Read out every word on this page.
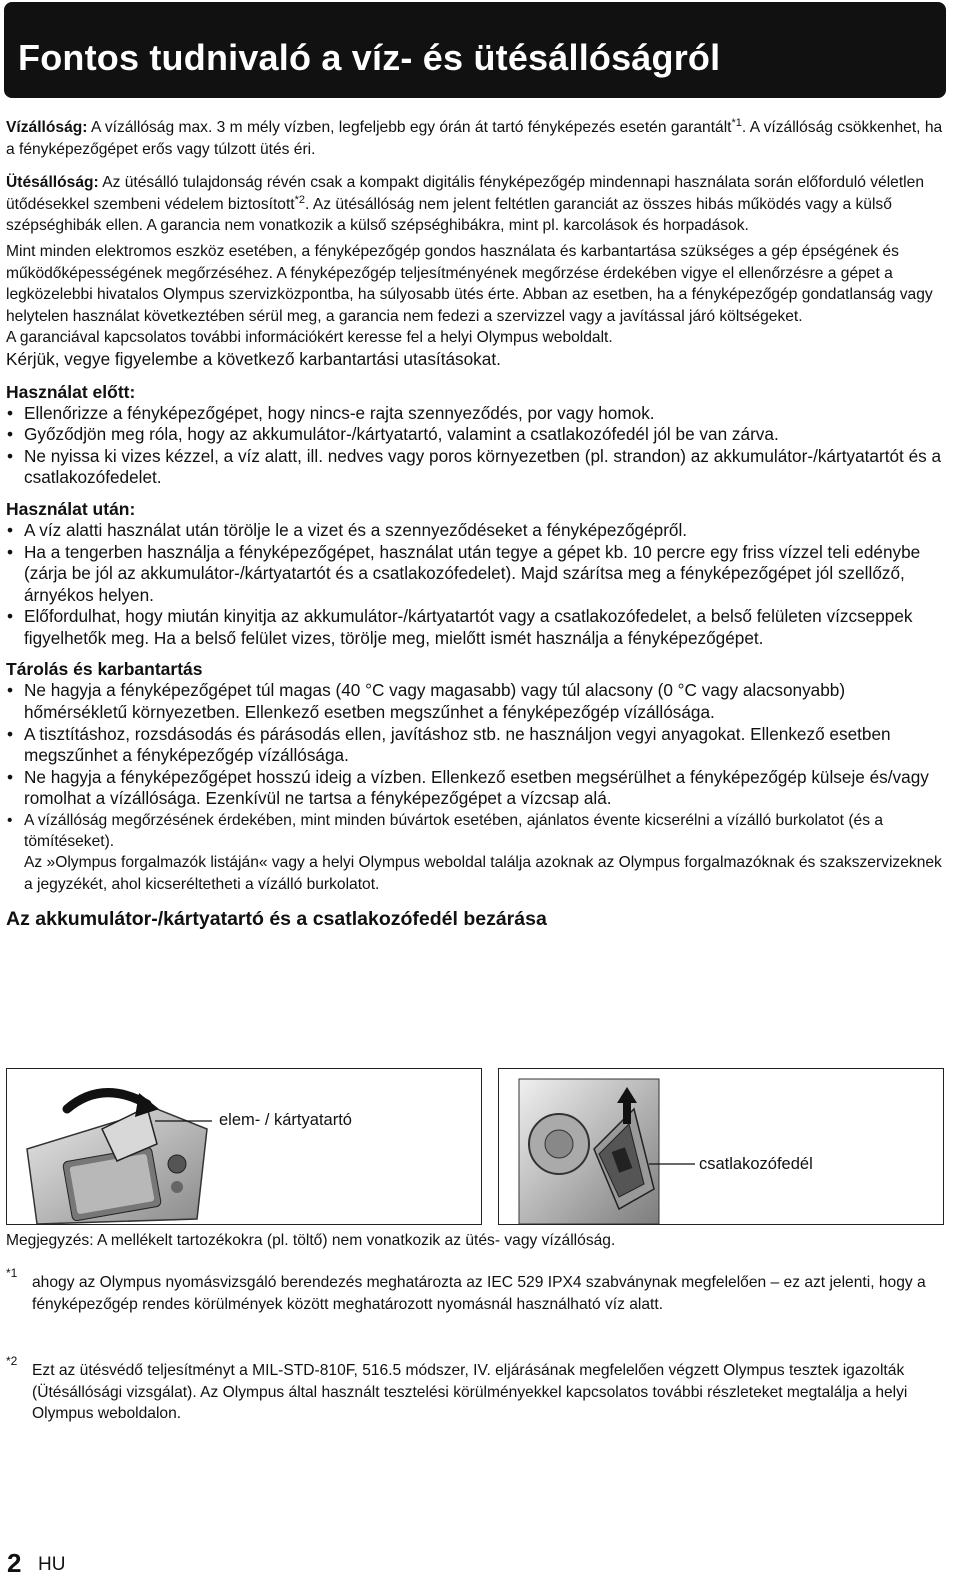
Fontos tudnivaló a víz- és ütésállóságról

Vízállóság: A vízállóság max. 3 m mély vízben, legfeljebb egy órán át tartó fényképezés esetén garantált$^{*1}$. A vízállóság csökkenhet, ha a fényképezőgépet erős vagy túlzott ütés éri.

Ütésállóság: Az ütésálló tulajdonság révén csak a kompakt digitális fényképezőgép mindennapi használata során előforduló véletlen ütődésekkel szembeni védelem biztosított$^{*2}$. Az ütésállóság nem jelent feltétlen garanciát az összes hibás működés vagy a külső szépséghibák ellen. A garancia nem vonatkozik a külső szépséghibákra, mint pl. karcolások és horpadások.

Mint minden elektromos eszköz esetében, a fényképezőgép gondos használata és karbantartása szükséges a gép épségének és működőképességének megőrzéséhez. A fényképezőgép teljesítményének megőrzése érdekében vigye el ellenőrzésre a gépet a legközelebbi hivatalos Olympus szervizközpontba, ha súlyosabb ütés érte. Abban az esetben, ha a fényképezőgép gondatlanság vagy helytelen használat következtében sérül meg, a garancia nem fedezi a szervizzel vagy a javítással járó költségeket.

A garanciával kapcsolatos további információkért keresse fel a helyi Olympus weboldalt.

Kérjük, vegye figyelembe a következő karbantartási utasításokat.

Használat előtt:
• Ellenőrizze a fényképezőgépet, hogy nincs-e rajta szennyeződés, por vagy homok.
• Győződjön meg róla, hogy az akkumulátor-/kártyatartó, valamint a csatlakozófedél jól be van zárva.
• Ne nyissa ki vizes kézzel, a víz alatt, ill. nedves vagy poros környezetben (pl. strandon) az akkumulátor-/kártyatartót és a csatlakozófedelet.
Használat után:
• A víz alatti használat után törölje le a vizet és a szennyeződéseket a fényképezőgépről.
• Ha a tengerben használja a fényképezőgépet, használat után tegye a gépet kb. 10 percre egy friss vízzel teli edénybe (zárja be jól az akkumulátor-/kártyatartót és a csatlakozófedelet). Majd szárítsa meg a fényképezőgépet jól szellőző, árnyékos helyen.
• Előfordulhat, hogy miután kinyitja az akkumulátor-/kártyatartót vagy a csatlakozófedelet, a belső felületen vízcseppek figyelhetők meg. Ha a belső felület vizes, törölje meg, mielőtt ismét használja a fényképezőgépet.
Tárolás és karbantartás
• Ne hagyja a fényképezőgépet túl magas (40 °C vagy magasabb) vagy túl alacsony (0 °C vagy alacsonyabb) hőmérsékletű környezetben. Ellenkező esetben megszűnhet a fényképezőgép vízállósága.
• A tisztításhoz, rozsdásodás és párásodás ellen, javításhoz stb. ne használjon vegyi anyagokat. Ellenkező esetben megszűnhet a fényképezőgép vízállósága.
• Ne hagyja a fényképezőgépet hosszú ideig a vízben. Ellenkező esetben megsérülhet a fényképezőgép külseje és/vagy romolhat a vízállósága. Ezenkívül ne tartsa a fényképezőgépet a vízcsap alá.
• A vízállóság megőrzésének érdekében, mint minden búvártok esetében, ajánlatos évente kicserélni a vízálló burkolatot (és a tömítéseket).
Az »Olympus forgalmazók listáján« vagy a helyi Olympus weboldal találja azoknak az Olympus forgalmazóknak és szakszervizeknek a jegyzékét, ahol kicseréltetheti a vízálló burkolatot.

Az akkumulátor-/kártyatartó és a csatlakozófedél bezárása

elem- / kártyatartó
csatlakozófedél

Megjegyzés: A mellékelt tartozékokra (pl. töltő) nem vonatkozik az ütés- vagy vízállóság.

*1

ahogy az Olympus nyomásvizsgáló berendezés meghatározta az IEC 529 IPX4 szabványnak megfelelően – ez azt jelenti, hogy a fényképezőgép rendes körülmények között meghatározott nyomásnál használható víz alatt.

*2

Ezt az ütésvédő teljesítményt a MIL-STD-810F, 516.5 módszer, IV. eljárásának megfelelően végzett Olympus tesztek igazolták (Ütésállósági vizsgálat). Az Olympus által használt tesztelési körülményekkel kapcsolatos további részleteket megtalálja a helyi Olympus weboldalon.

2 HU
